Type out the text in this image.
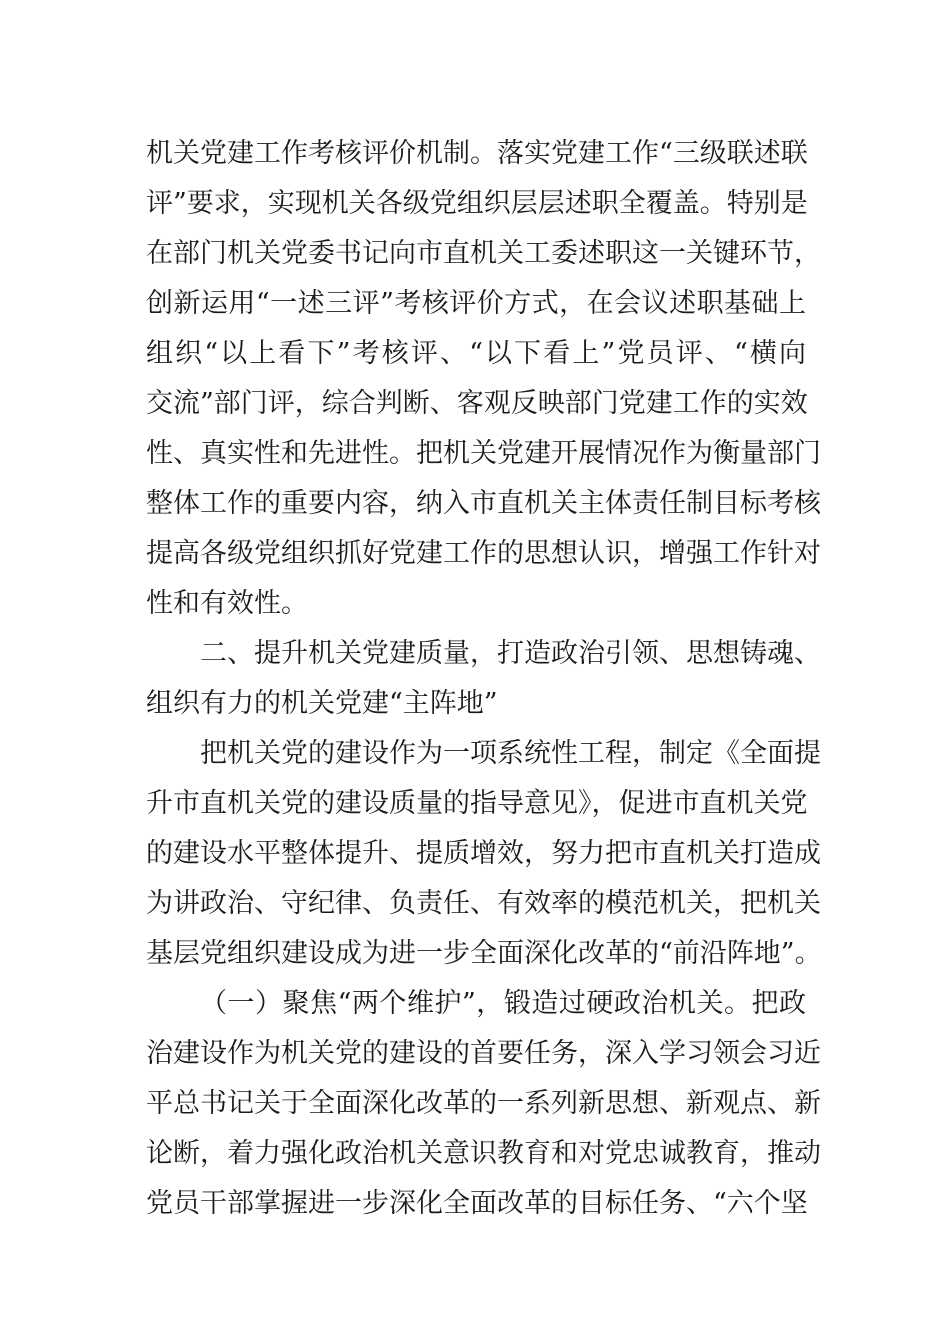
机关党建工作考核评价机制。落实党建工作“三级联述联
评”要求，实现机关各级党组织层层述职全覆盖。特别是
在部门机关党委书记向市直机关工委述职这一关键环节，
创新运用“一述三评”考核评价方式，在会议述职基础上
组织“以上看下”考核评、“以下看上”党员评、“横向
交流”部门评，综合判断、客观反映部门党建工作的实效
性、真实性和先进性。把机关党建开展情况作为衡量部门
整体工作的重要内容，纳入市直机关主体责任制目标考核
提高各级党组织抓好党建工作的思想认识，增强工作针对
性和有效性。
二、提升机关党建质量，打造政治引领、思想铸魂、
组织有力的机关党建“主阵地”
把机关党的建设作为一项系统性工程，制定《全面提
升市直机关党的建设质量的指导意见》，促进市直机关党
的建设水平整体提升、提质增效，努力把市直机关打造成
为讲政治、守纪律、负责任、有效率的模范机关，把机关
基层党组织建设成为进一步全面深化改革的“前沿阵地”。
（一）聚焦“两个维护”，锻造过硬政治机关。把政
治建设作为机关党的建设的首要任务，深入学习领会习近
平总书记关于全面深化改革的一系列新思想、新观点、新
论断，着力强化政治机关意识教育和对党忠诚教育，推动
党员干部掌握进一步深化全面改革的目标任务、“六个坚
